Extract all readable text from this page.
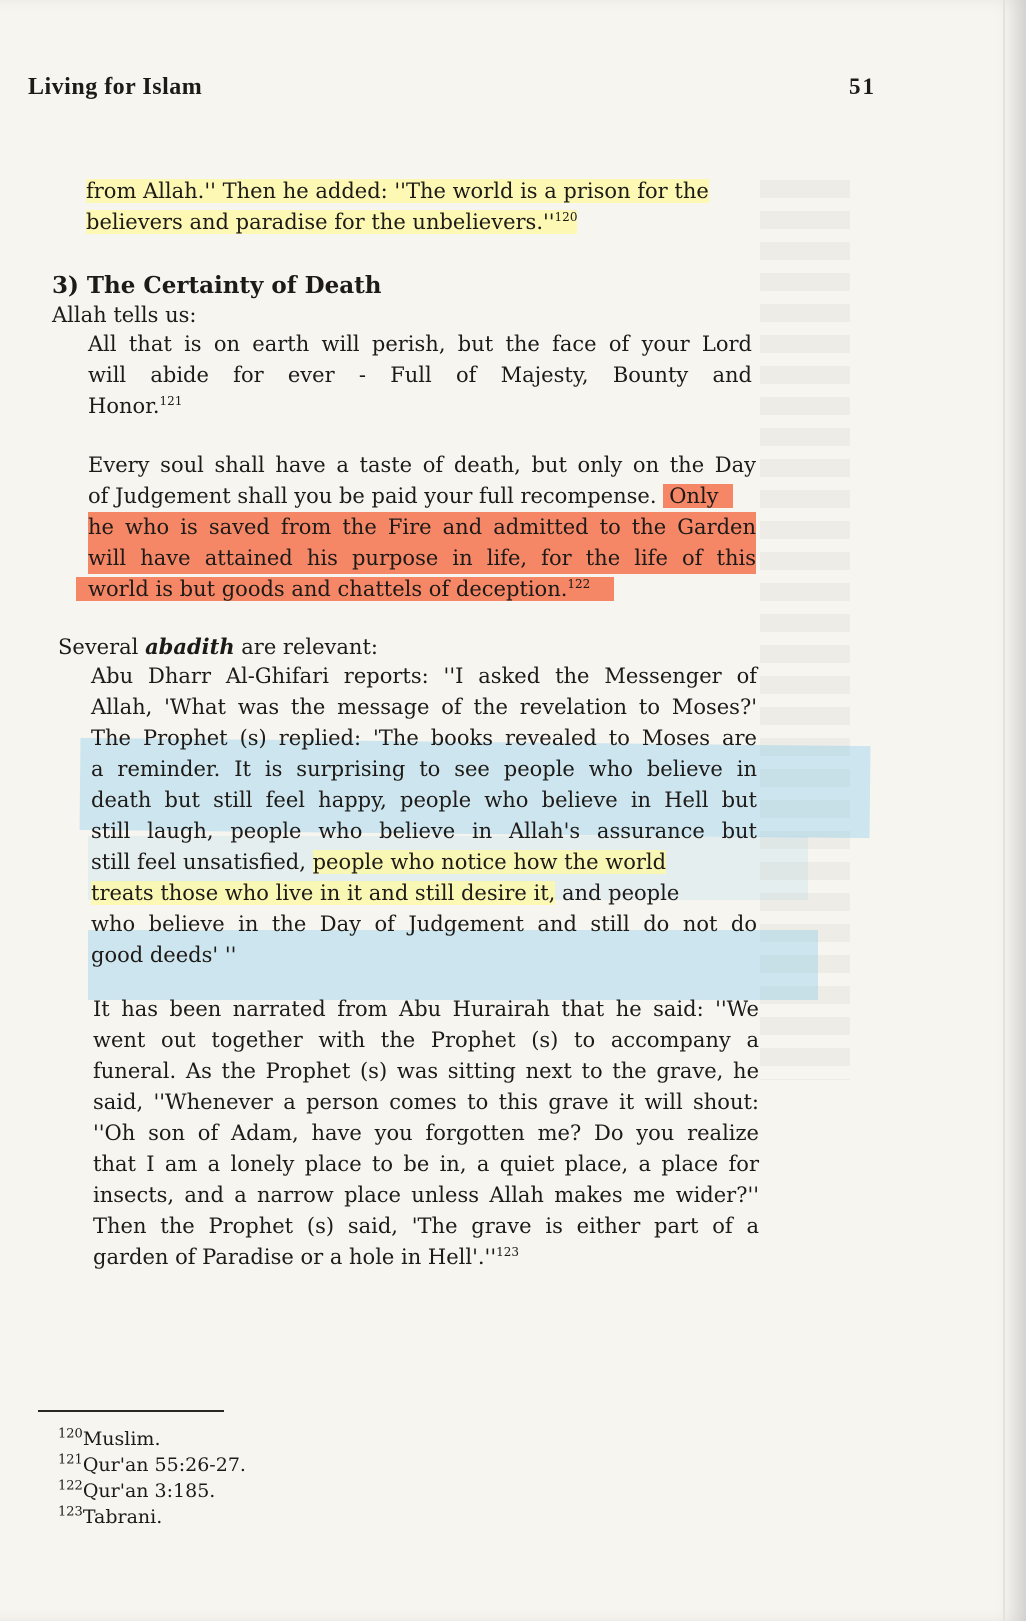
Living for Islam	51
from Allah.'' Then he added: ''The world is a prison for the
believers and paradise for the $unbelievers.''^{120}$
3) The Certainty of Death
Allah tells us:
All that is on earth will perish, but the face of your Lord
will abide for ever - Full of Majesty, Bounty and
Honor.$^{121}$
Every soul shall have a taste of death, but only on the Day
of Judgement shall you be paid your full recompense. Only
he who is saved from the Fire and admitted to the Garden
will have attained his purpose in life, for the life of this
world is but goods and chattels of deception.$^{122}$
Several abadith are relevant:
Abu Dharr Al-Ghifari reports: ''I asked the Messenger of
Allah, 'What was the message of the revelation to Moses?'
The Prophet (s) replied: 'The books revealed to Moses are
a reminder. It is surprising to see people who believe in
death but still feel happy, people who believe in Hell but
still laugh, people who believe in Allah's assurance but
still feel unsatisfied, people who notice how the world
treats those who live in it and still desire it, and people
who believe in the Day of Judgement and still do not do
good deeds' ''
It has been narrated from Abu Hurairah that he said: ''We
went out together with the Prophet (s) to accompany a
funeral. As the Prophet (s) was sitting next to the grave, he
said, ''Whenever a person comes to this grave it will shout:
''Oh son of Adam, have you forgotten me? Do you realize
that I am a lonely place to be in, a quiet place, a place for
insects, and a narrow place unless Allah makes me wider?''
Then the Prophet (s) said, 'The grave is either part of a
garden of Paradise or a hole in $Hell'.''^{123}$
$^{120}$Muslim.
$^{121}$Qur'an 55:26-27.
$^{122}$Qur'an 3:185.
$^{123}$Tabrani.
